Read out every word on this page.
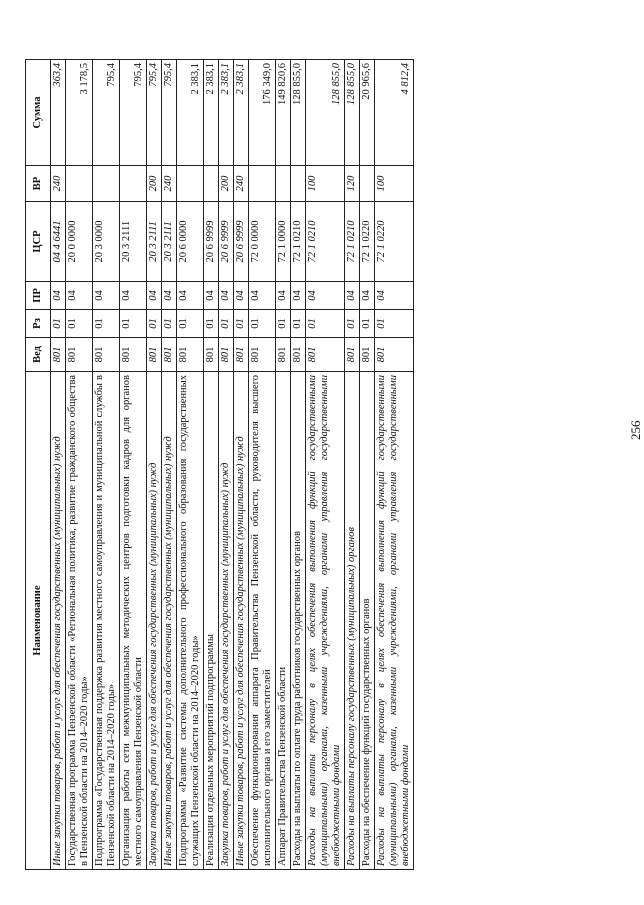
256
Наименование	Вед	Рз	ПР	ЦСР	ВР	Сумма
Иные закупки товаров, работ и услуг для обеспечения государственных (муниципальных) нужд	801	01	04	04 4 6441	240	363,4
Государственная программа Пензенской области «Региональная политика, развитие гражданского общества в Пензенской области на 2014–2020 годы»	801	01	04	20 0 0000		3 178,5
Подпрограмма «Государственная поддержка развития местного самоуправления и муниципальной службы в Пензенской области на 2014–2020 годы»	801	01	04	20 3 0000		795,4
Организация работы сети межмуниципальных методических центров подготовки кадров для органов местного самоуправления Пензенской области	801	01	04	20 3 2111		795,4
Закупка товаров, работ и услуг для обеспечения государственных (муниципальных) нужд	801	01	04	20 3 2111	200	795,4
Иные закупки товаров, работ и услуг для обеспечения государственных (муниципальных) нужд	801	01	04	20 3 2111	240	795,4
Подпрограмма «Развитие системы дополнительного профессионального образования государственных служащих Пензенской области на 2014–2020 годы»	801	01	04	20 6 0000		2 383,1
Реализация отдельных мероприятий подпрограммы	801	01	04	20 6 9999		2 383,1
Закупка товаров, работ и услуг для обеспечения государственных (муниципальных) нужд	801	01	04	20 6 9999	200	2 383,1
Иные закупки товаров, работ и услуг для обеспечения государственных (муниципальных) нужд	801	01	04	20 6 9999	240	2 383,1
Обеспечение функционирования аппарата Правительства Пензенской области, руководителя высшего исполнительного органа и его заместителей	801	01	04	72 0 0000		176 349,0
Аппарат Правительства Пензенской области	801	01	04	72 1 0000		149 820,6
Расходы на выплаты по оплате труда работников государственных органов	801	01	04	72 1 0210		128 855,0
Расходы на выплаты персоналу в целях обеспечения выполнения функций государственными (муниципальными) органами, казенными учреждениями, органами управления государственными внебюджетными фондами	801	01	04	72 1 0210	100	128 855,0
Расходы на выплаты персоналу государственных (муниципальных) органов	801	01	04	72 1 0210	120	128 855,0
Расходы на обеспечение функций государственных органов	801	01	04	72 1 0220		20 965,6
Расходы на выплаты персоналу в целях обеспечения выполнения функций государственными (муниципальными) органами, казенными учреждениями, органами управления государственными внебюджетными фондами	801	01	04	72 1 0220	100	4 812,4
